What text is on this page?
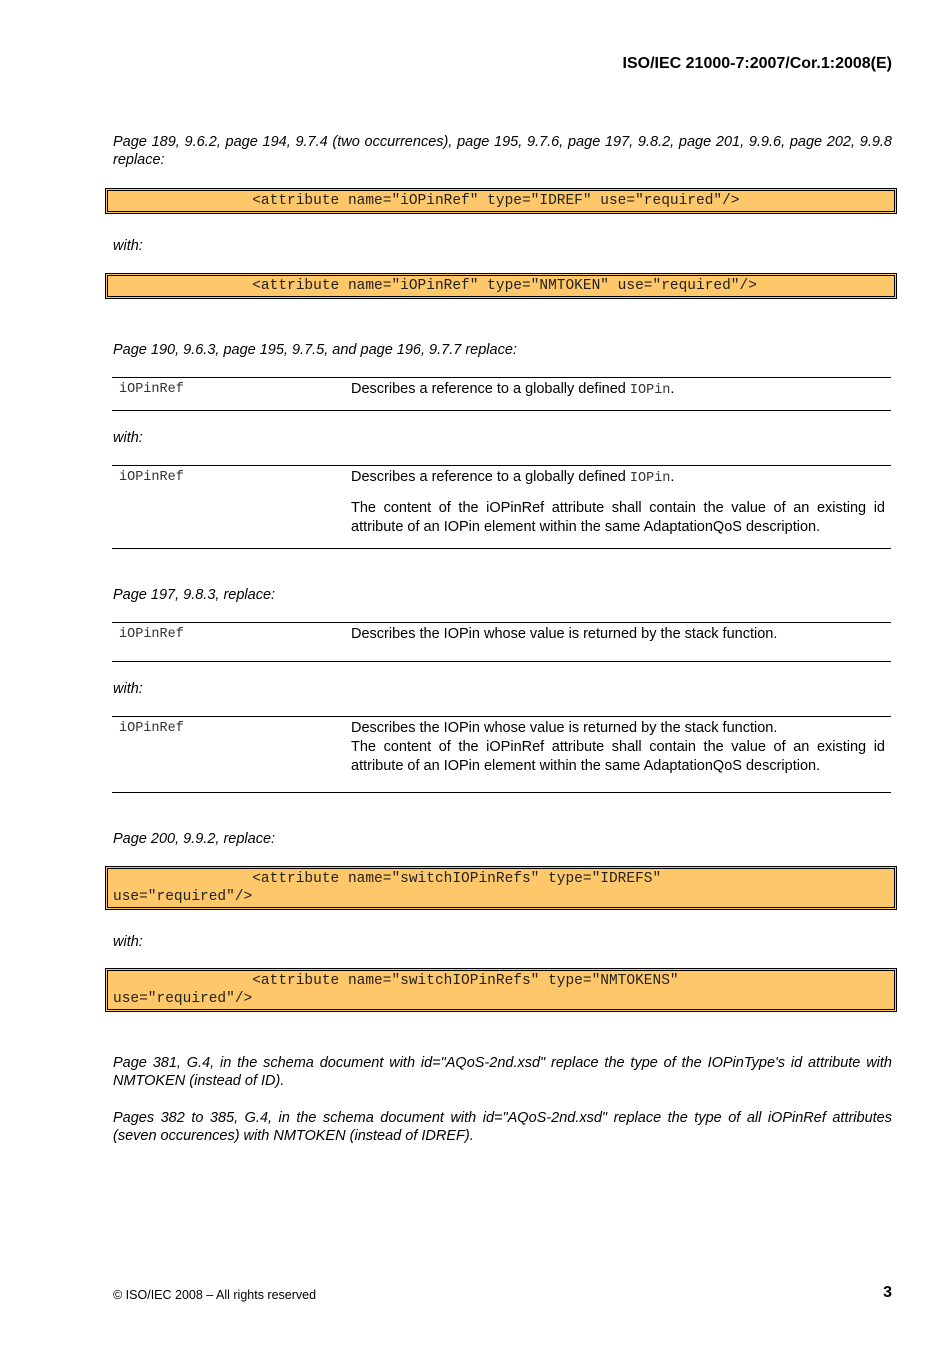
ISO/IEC 21000-7:2007/Cor.1:2008(E)
Page 189, 9.6.2, page 194, 9.7.4 (two occurrences), page 195, 9.7.6, page 197, 9.8.2, page 201, 9.9.6, page 202, 9.9.8 replace:
<attribute name="iOPinRef" type="IDREF" use="required"/>
with:
<attribute name="iOPinRef" type="NMTOKEN" use="required"/>
Page 190, 9.6.3, page 195, 9.7.5, and page 196, 9.7.7 replace:
iOPinRef	Describes a reference to a globally defined IOPin.
with:
iOPinRef	Describes a reference to a globally defined IOPin.
The content of the iOPinRef attribute shall contain the value of an existing id attribute of an IOPin element within the same AdaptationQoS description.
Page 197, 9.8.3, replace:
iOPinRef	Describes the IOPin whose value is returned by the stack function.
with:
iOPinRef	Describes the IOPin whose value is returned by the stack function.
The content of the iOPinRef attribute shall contain the value of an existing id attribute of an IOPin element within the same AdaptationQoS description.
Page 200, 9.9.2, replace:
<attribute name="switchIOPinRefs" type="IDREFS"
use="required"/>
with:
<attribute name="switchIOPinRefs" type="NMTOKENS"
use="required"/>
Page 381, G.4, in the schema document with id="AQoS-2nd.xsd" replace the type of the IOPinType's id attribute with NMTOKEN (instead of ID).
Pages 382 to 385, G.4, in the schema document with id="AQoS-2nd.xsd" replace the type of all iOPinRef attributes (seven occurences) with NMTOKEN (instead of IDREF).
© ISO/IEC 2008 – All rights reserved	3
